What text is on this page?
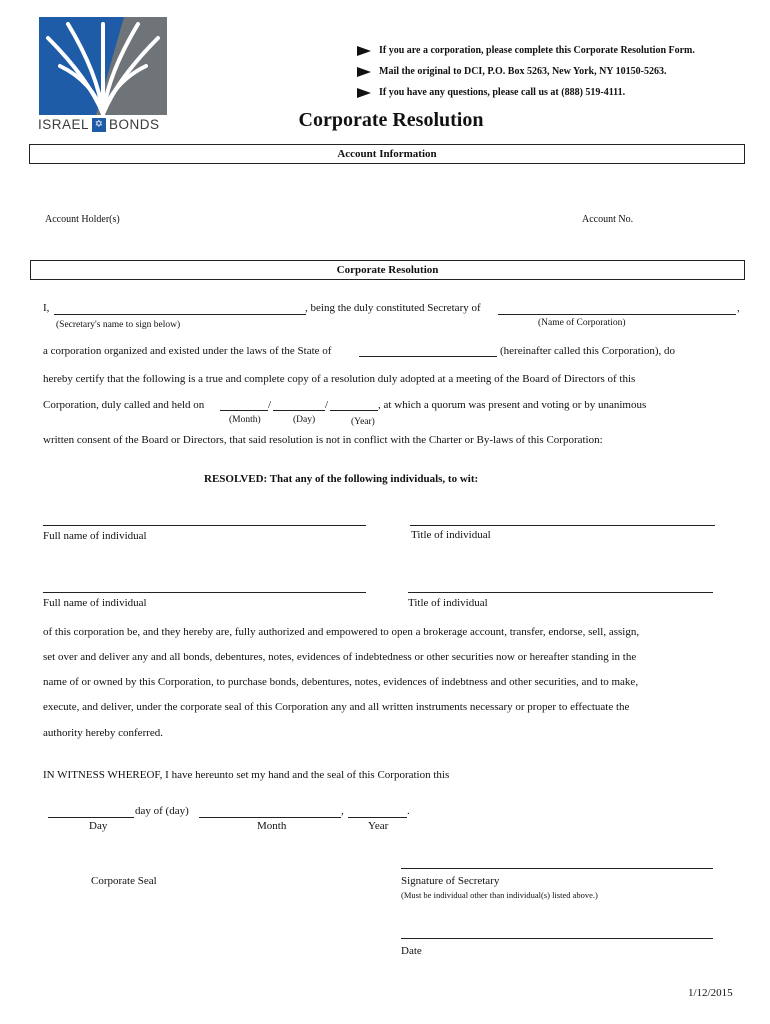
ISRAEL ✡ BONDS
If you are a corporation, please complete this Corporate Resolution Form.
Mail the original to DCI, P.O. Box 5263, New York, NY 10150-5263.
If you have any questions, please call us at (888) 519-4111.
Corporate Resolution
Account Information
Account Holder(s)	Account No.
Corporate Resolution
I,	, being the duly constituted Secretary of	,
(Secretary's name to sign below)	(Name of Corporation)
a corporation organized and existed under the laws of the State of	(hereinafter called this Corporation), do
hereby certify that the following is a true and complete copy of a resolution duly adopted at a meeting of the Board of Directors of this
Corporation, duly called and held on	/	/	, at which a quorum was present and voting or by unanimous
(Month)	(Day)	(Year)
written consent of the Board or Directors, that said resolution is not in conflict with the Charter or By-laws of this Corporation:
RESOLVED: That any of the following individuals, to wit:
Full name of individual	Title of individual
Full name of individual	Title of individual
of this corporation be, and they hereby are, fully authorized and empowered to open a brokerage account, transfer, endorse, sell, assign,
set over and deliver any and all bonds, debentures, notes, evidences of indebtedness or other securities now or hereafter standing in the
name of or owned by this Corporation, to purchase bonds, debentures, notes, evidences of indebtness and other securities, and to make,
execute, and deliver, under the corporate seal of this Corporation any and all written instruments necessary or proper to effectuate the
authority hereby conferred.
IN WITNESS WHEREOF, I have hereunto set my hand and the seal of this Corporation this
day of (day)	,	.
Day	Month	Year
Corporate Seal	Signature of Secretary
(Must be individual other than individual(s) listed above.)
Date
1/12/2015
